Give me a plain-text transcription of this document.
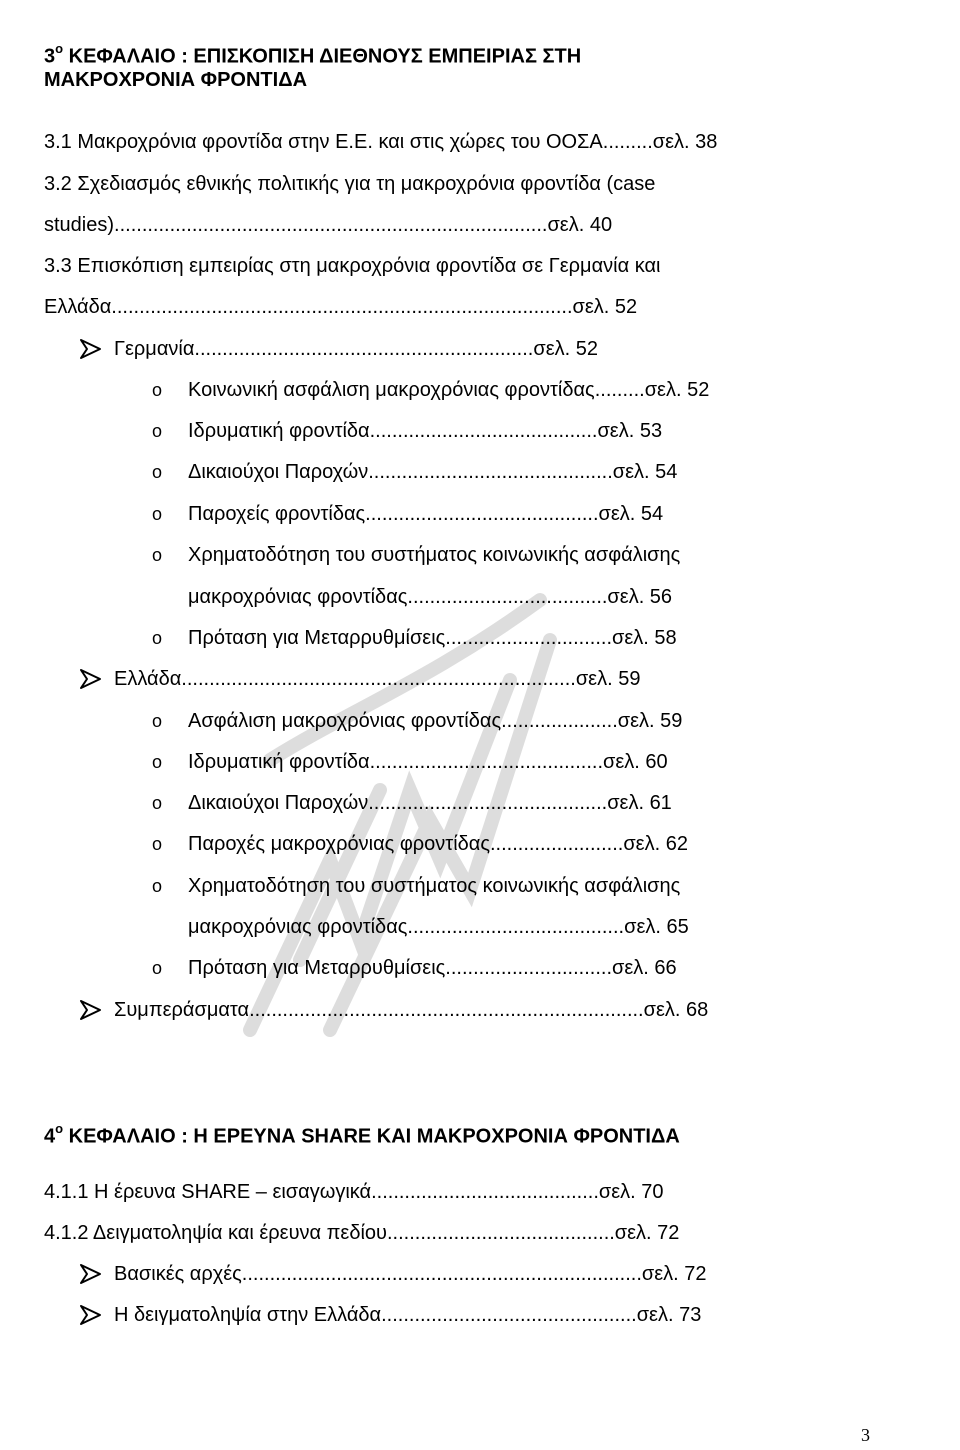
$3^o$ ΚΕΦΑΛΑΙΟ : ΕΠΙΣΚΟΠΙΣΗ ΔΙΕΘΝΟΥΣ ΕΜΠΕΙΡΙΑΣ ΣΤΗ
ΜΑΚΡΟΧΡΟΝΙΑ ΦΡΟΝΤΙΔΑ
3.1 Μακροχρόνια φροντίδα στην Ε.Ε. και στις χώρες του ΟΟΣΑ.........σελ. 38
3.2 Σχεδιασμός εθνικής πολιτικής για τη μακροχρόνια φροντίδα (case
studies)..............................................................................σελ. 40
3.3 Επισκόπιση εμπειρίας στη μακροχρόνια φροντίδα σε Γερμανία και
Ελλάδα...................................................................................σελ. 52
Γερμανία.............................................................σελ. 52
o Κοινωνική ασφάλιση μακροχρόνιας φροντίδας.........σελ. 52
o Ιδρυματική φροντίδα.........................................σελ. 53
o Δικαιούχοι Παροχών............................................σελ. 54
o Παροχείς φροντίδας..........................................σελ. 54
o Χρηματοδότηση του συστήματος κοινωνικής ασφάλισης
μακροχρόνιας φροντίδας....................................σελ. 56
o Πρόταση για Μεταρρυθμίσεις..............................σελ. 58
Ελλάδα.......................................................................σελ. 59
o Ασφάλιση μακροχρόνιας φροντίδας.....................σελ. 59
o Ιδρυματική φροντίδα..........................................σελ. 60
o Δικαιούχοι Παροχών...........................................σελ. 61
o Παροχές μακροχρόνιας φροντίδας........................σελ. 62
o Χρηματοδότηση του συστήματος κοινωνικής ασφάλισης
μακροχρόνιας φροντίδας.......................................σελ. 65
o Πρόταση για Μεταρρυθμίσεις..............................σελ. 66
Συμπεράσματα.......................................................................σελ. 68
$4^o$ ΚΕΦΑΛΑΙΟ : Η ΕΡΕΥΝΑ SHARE ΚΑΙ ΜΑΚΡΟΧΡΟΝΙΑ ΦΡΟΝΤΙΔΑ
4.1.1 Η έρευνα SHARE – εισαγωγικά.........................................σελ. 70
4.1.2 Δειγματοληψία και έρευνα πεδίου.........................................σελ. 72
Βασικές αρχές........................................................................σελ. 72
Η δειγματοληψία στην Ελλάδα..............................................σελ. 73
3
